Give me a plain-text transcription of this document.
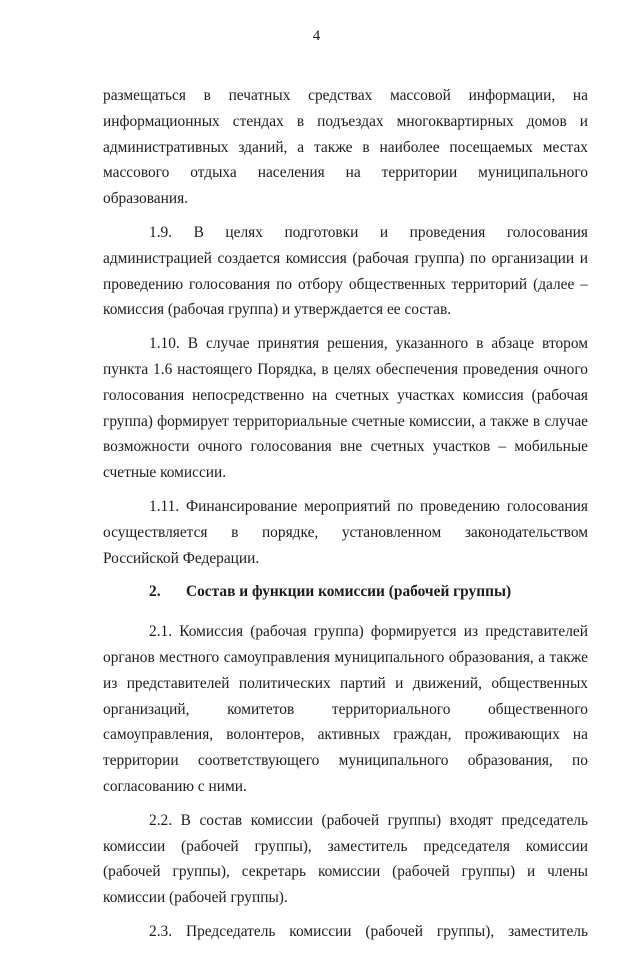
4

размещаться в печатных средствах массовой информации, на информационных стендах в подъездах многоквартирных домов и административных зданий, а также в наиболее посещаемых местах массового отдыха населения на территории муниципального образования.

1.9. В целях подготовки и проведения голосования администрацией создается комиссия (рабочая группа) по организации и проведению голосования по отбору общественных территорий (далее – комиссия (рабочая группа) и утверждается ее состав.

1.10. В случае принятия решения, указанного в абзаце втором пункта 1.6 настоящего Порядка, в целях обеспечения проведения очного голосования непосредственно на счетных участках комиссия (рабочая группа) формирует территориальные счетные комиссии, а также в случае возможности очного голосования вне счетных участков – мобильные счетные комиссии.

1.11. Финансирование мероприятий по проведению голосования осуществляется в порядке, установленном законодательством Российской Федерации.

2.	Состав и функции комиссии (рабочей группы)

2.1. Комиссия (рабочая группа) формируется из представителей органов местного самоуправления муниципального образования, а также из представителей политических партий и движений, общественных организаций, комитетов территориального общественного самоуправления, волонтеров, активных граждан, проживающих на территории соответствующего муниципального образования, по согласованию с ними.

2.2. В состав комиссии (рабочей группы) входят председатель комиссии (рабочей группы), заместитель председателя комиссии (рабочей группы), секретарь комиссии (рабочей группы) и члены комиссии (рабочей группы).

2.3. Председатель комиссии (рабочей группы), заместитель
